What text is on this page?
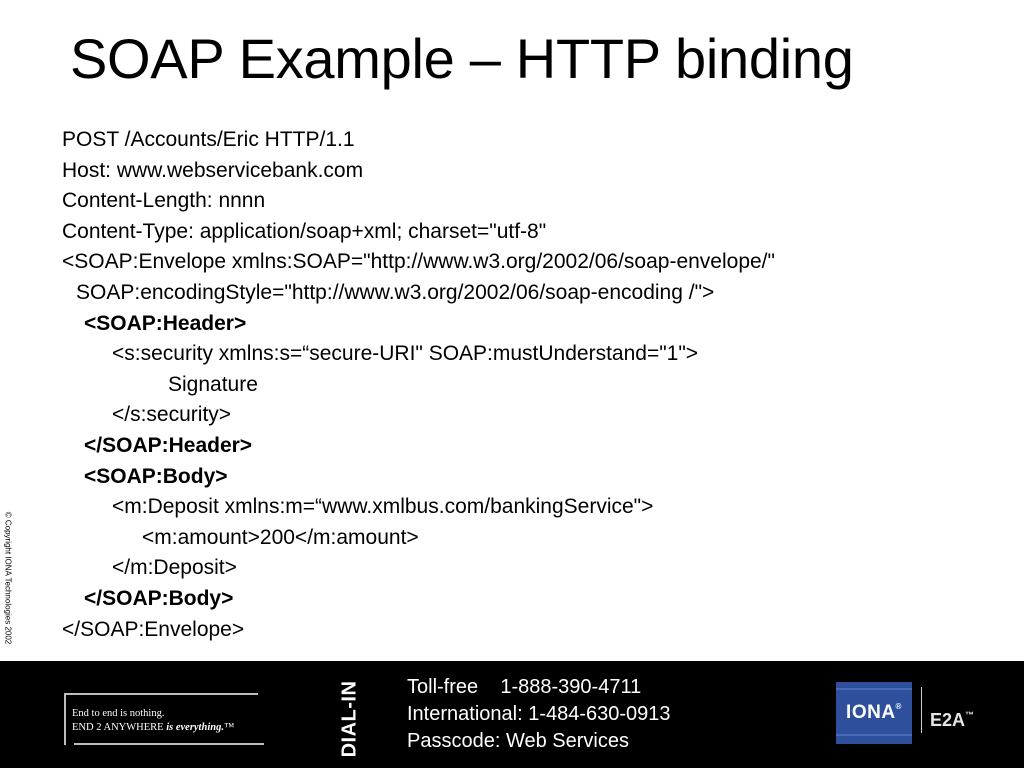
SOAP Example – HTTP binding
© Copyright IONA Technologies 2002
POST /Accounts/Eric HTTP/1.1
Host: www.webservicebank.com
Content-Length: nnnn
Content-Type: application/soap+xml; charset="utf-8"
<SOAP:Envelope xmlns:SOAP="http://www.w3.org/2002/06/soap-envelope/"
SOAP:encodingStyle="http://www.w3.org/2002/06/soap-encoding /">
<SOAP:Header>
<s:security xmlns:s=“secure-URI" SOAP:mustUnderstand="1">
Signature
</s:security>
</SOAP:Header>
<SOAP:Body>
<m:Deposit xmlns:m=“www.xmlbus.com/bankingService">
<m:amount>200</m:amount>
</m:Deposit>
</SOAP:Body>
</SOAP:Envelope>
End to end is nothing.
END 2 ANYWHERE is everything.™	DIAL-IN Toll-free    1-888-390-4711
International: 1-484-630-0913
Passcode: Web Services
IONA®
E2A™
